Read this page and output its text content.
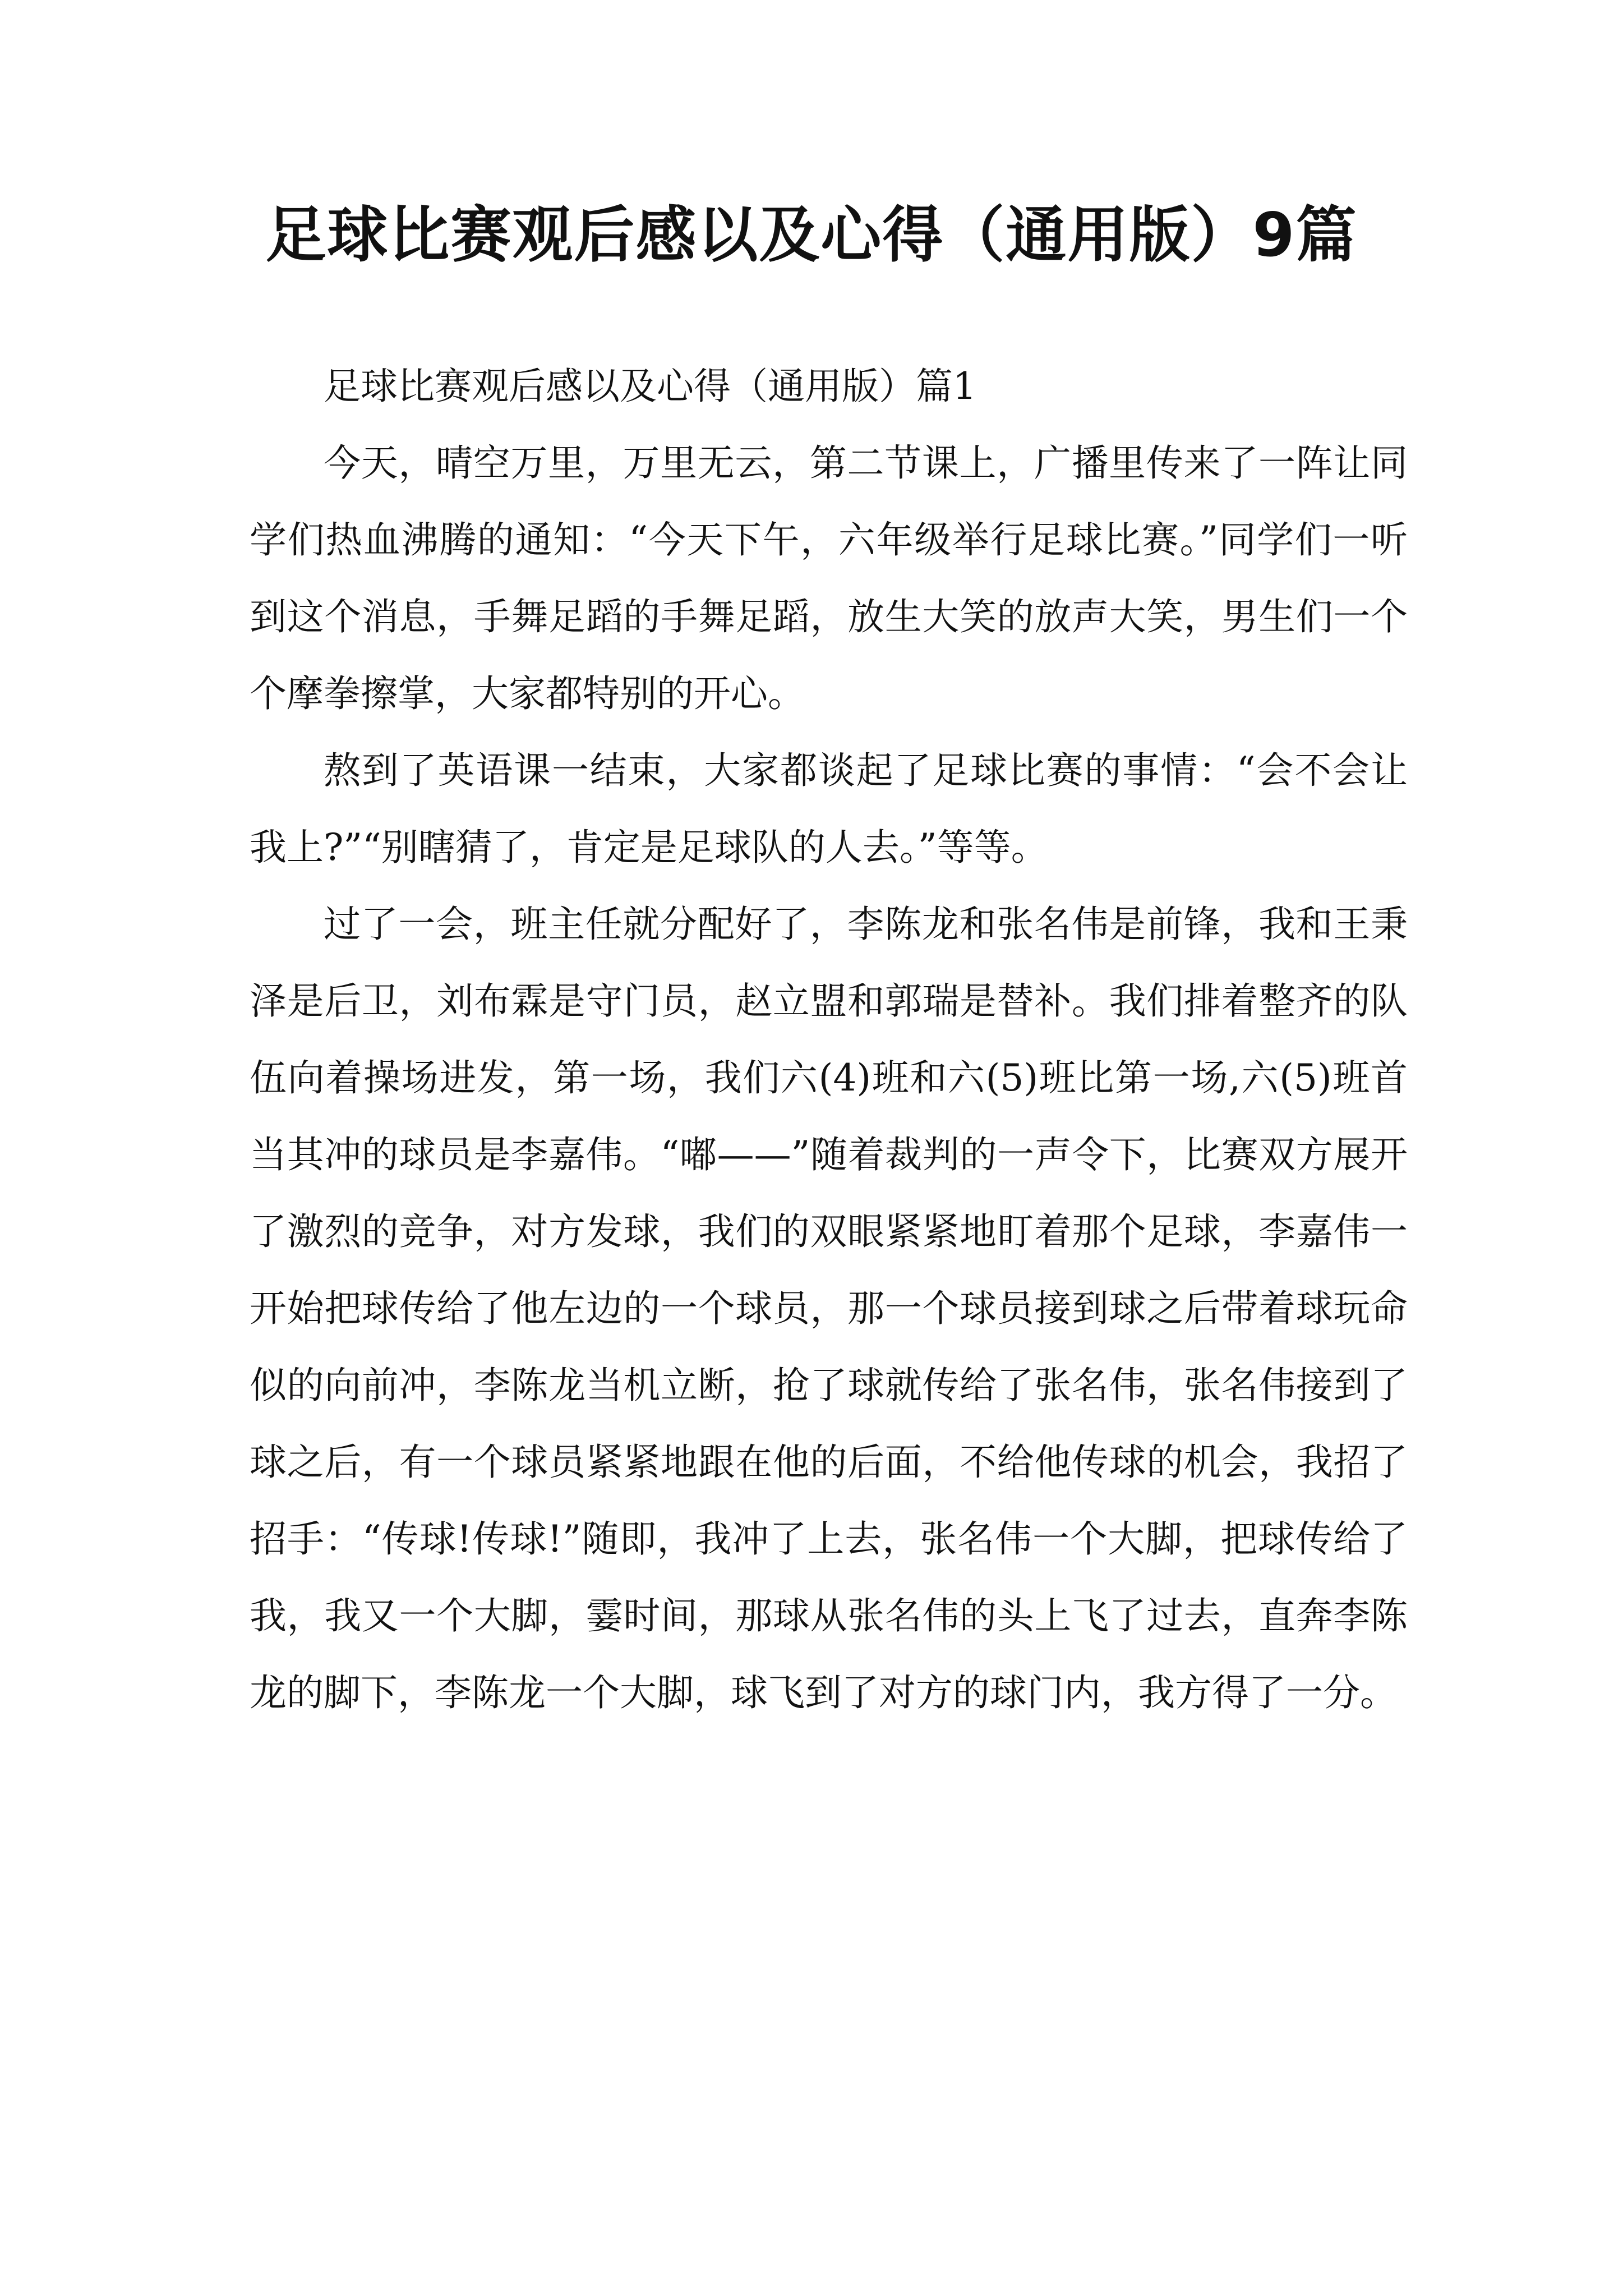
足球比赛观后感以及心得（通用版）9篇

足球比赛观后感以及心得（通用版）篇1

今天，晴空万里，万里无云，第二节课上，广播里传来了一阵让同学们热血沸腾的通知：“今天下午，六年级举行足球比赛。”同学们一听到这个消息，手舞足蹈的手舞足蹈，放生大笑的放声大笑，男生们一个个摩拳擦掌，大家都特别的开心。

熬到了英语课一结束，大家都谈起了足球比赛的事情：“会不会让我上?”“别瞎猜了，肯定是足球队的人去。”等等。

过了一会，班主任就分配好了，李陈龙和张名伟是前锋，我和王秉泽是后卫，刘布霖是守门员，赵立盟和郭瑞是替补。我们排着整齐的队伍向着操场进发，第一场，我们六(4)班和六(5)班比第一场,六(5)班首当其冲的球员是李嘉伟。“嘟——”随着裁判的一声令下，比赛双方展开了激烈的竞争，对方发球，我们的双眼紧紧地盯着那个足球，李嘉伟一开始把球传给了他左边的一个球员，那一个球员接到球之后带着球玩命似的向前冲，李陈龙当机立断，抢了球就传给了张名伟，张名伟接到了球之后，有一个球员紧紧地跟在他的后面，不给他传球的机会，我招了招手：“传球!传球!”随即，我冲了上去，张名伟一个大脚，把球传给了我，我又一个大脚，霎时间，那球从张名伟的头上飞了过去，直奔李陈龙的脚下，李陈龙一个大脚，球飞到了对方的球门内，我方得了一分。
